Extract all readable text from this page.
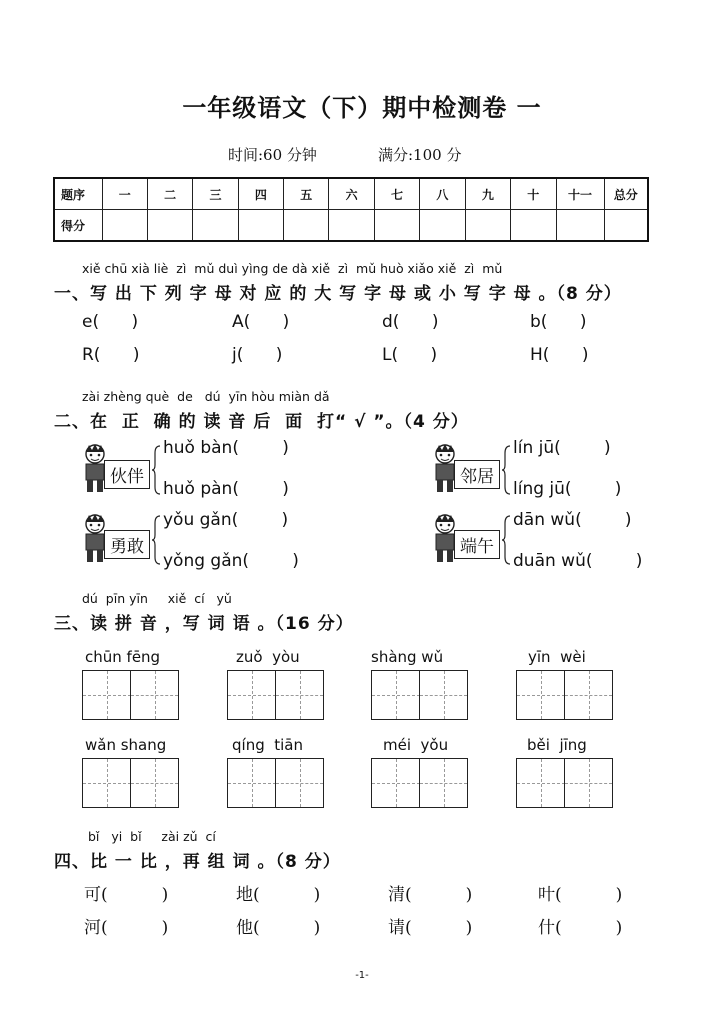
一年级语文（下）期中检测卷 一
时间:60 分钟	满分:100 分
题序	一	二	三	四	五	六	七	八	九	十	十一	总分
得分												
xiě chū xià liè  zì  mǔ duì yìng de dà xiě  zì  mǔ huò xiǎo xiě  zì  mǔ
一、写 出 下 列 字 母 对 应 的 大 写 字 母 或 小 写 字 母 。（8 分）
e(      )	A(      )	d(      )	b(      )
R(      )	j(      )	L(      )	H(      )
zài zhèng què  de   dú  yīn hòu miàn dǎ
二、在  正  确 的 读 音 后  面  打“ √ ”。（4 分）
伙伴
huǒ bàn(        )
huǒ pàn(        )
邻居
lín jū(        )
líng jū(        )
勇敢
yǒu gǎn(        )
yǒng gǎn(        )
端午
dān wǔ(        )
duān wǔ(        )
dú  pīn yīn     xiě  cí   yǔ
三、读 拼 音 ，写 词 语 。（16 分）
chūn fēng	zuǒ  yòu	shàng wǔ	yīn  wèi
wǎn shang	qíng  tiān	méi  yǒu	běi  jīng
bǐ   yi  bǐ     zài zǔ  cí
四、比 一 比 ，再 组 词 。（8 分）
可(          )	地(          )	清(          )	叶(          )
河(          )	他(          )	请(          )	什(          )
-1-
